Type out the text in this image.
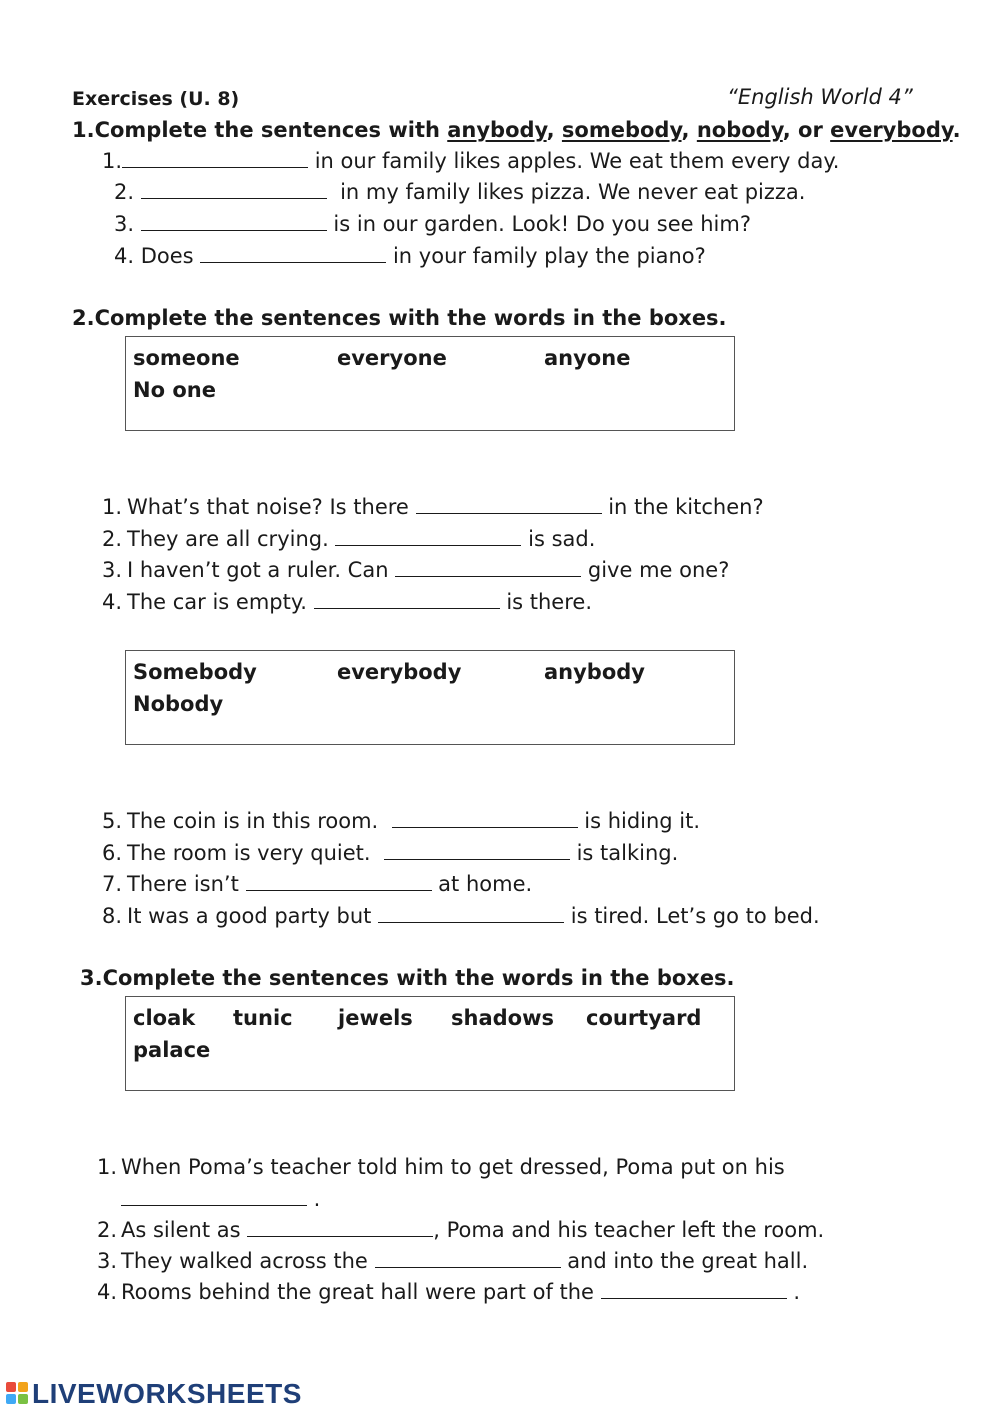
Exercises (U. 8)	“English World 4”
1.Complete the sentences with anybody, somebody, nobody, or everybody.
1.	in our family likes apples. We eat them every day.
2.	in my family likes pizza. We never eat pizza.
3.	is in our garden. Look! Do you see him?
4. Does	in your family play the piano?
2.Complete the sentences with the words in the boxes.
someone	everyone	anyone
No one
1. What’s that noise? Is there	in the kitchen?
2. They are all crying.	is sad.
3. I haven’t got a ruler. Can	give me one?
4. The car is empty.	is there.
Somebody	everybody	anybody
Nobody
5. The coin is in this room.	is hiding it.
6. The room is very quiet.	is talking.
7. There isn’t	at home.
8. It was a good party but	is tired. Let’s go to bed.
3.Complete the sentences with the words in the boxes.
cloak tunic jewels shadows courtyard
palace
1. When Poma’s teacher told him to get dressed, Poma put on his
.
2. As silent as	, Poma and his teacher left the room.
3. They walked across the	and into the great hall.
4. Rooms behind the great hall were part of the	.
LIVEWORKSHEETS
